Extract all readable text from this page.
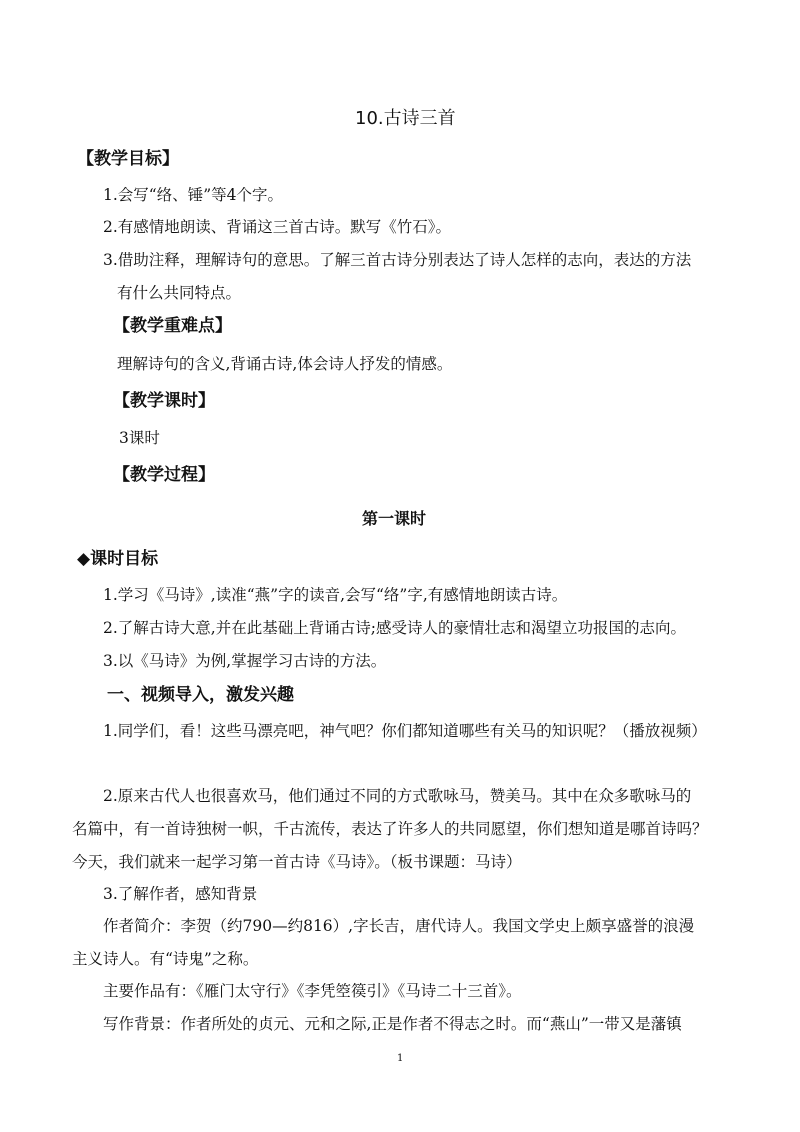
10.古诗三首
【教学目标】
1.会写“络、锤”等4个字。
2.有感情地朗读、背诵这三首古诗。默写《竹石》。
3.借助注释，理解诗句的意思。了解三首古诗分别表达了诗人怎样的志向，表达的方法
有什么共同特点。
【教学重难点】
理解诗句的含义,背诵古诗,体会诗人抒发的情感。
【教学课时】
3课时
【教学过程】
第一课时
◆课时目标
1.学习《马诗》,读准“燕”字的读音,会写“络”字,有感情地朗读古诗。
2.了解古诗大意,并在此基础上背诵古诗;感受诗人的豪情壮志和渴望立功报国的志向。
3.以《马诗》为例,掌握学习古诗的方法。
一、视频导入，激发兴趣
1.同学们，看！这些马漂亮吧，神气吧？你们都知道哪些有关马的知识呢？（播放视频）
2.原来古代人也很喜欢马，他们通过不同的方式歌咏马，赞美马。其中在众多歌咏马的
名篇中，有一首诗独树一帜，千古流传，表达了许多人的共同愿望，你们想知道是哪首诗吗？
今天，我们就来一起学习第一首古诗《马诗》。（板书课题：马诗）
3.了解作者，感知背景
作者简介：李贺（约790—约816）,字长吉，唐代诗人。我国文学史上颇享盛誉的浪漫
主义诗人。有“诗鬼”之称。
主要作品有：《雁门太守行》《李凭箜篌引》《马诗二十三首》。
写作背景：作者所处的贞元、元和之际,正是作者不得志之时。而“燕山”一带又是藩镇
1
